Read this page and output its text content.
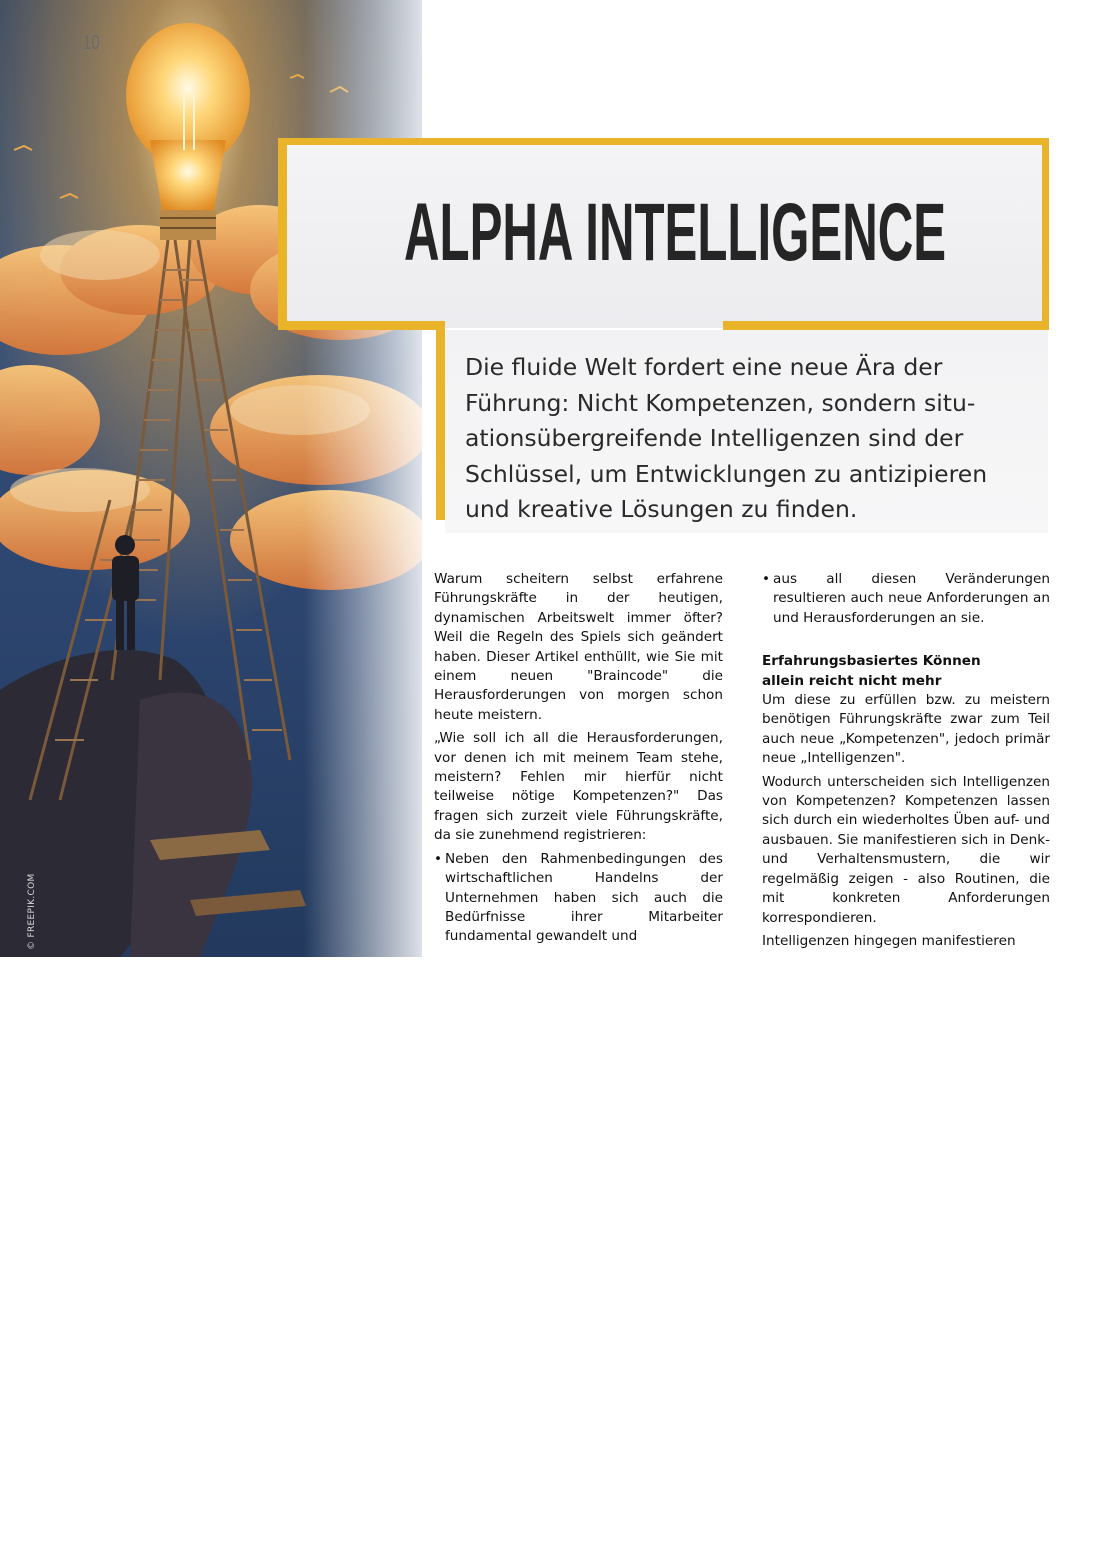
10
© FREEPIK.COM
ALPHA INTELLIGENCE

Die fluide Welt fordert eine neue Ära der
Führung: Nicht Kompetenzen, sondern situ-
ationsübergreifende Intelligenzen sind der
Schlüssel, um Entwicklungen zu antizipieren
und kreative Lösungen zu finden.

Warum scheitern selbst erfahrene Führungskräfte in der heutigen, dynamischen Arbeitswelt immer öfter? Weil die Regeln des Spiels sich geändert haben. Dieser Artikel enthüllt, wie Sie mit einem neuen "Braincode" die Herausforderungen von morgen schon heute meistern.

„Wie soll ich all die Herausforderungen, vor denen ich mit meinem Team stehe, meistern? Fehlen mir hierfür nicht teilweise nötige Kompetenzen?" Das fragen sich zurzeit viele Führungskräfte, da sie zunehmend registrieren:

• Neben den Rahmenbedingungen des wirtschaftlichen Handelns der Unternehmen haben sich auch die Bedürfnisse ihrer Mitarbeiter fundamental gewandelt und
• aus all diesen Veränderungen resultieren auch neue Anforderungen an und Herausforderungen an sie.
Erfahrungsbasiertes Können
allein reicht nicht mehr

Um diese zu erfüllen bzw. zu meistern benötigen Führungskräfte zwar zum Teil auch neue „Kompetenzen", jedoch primär neue „Intelligenzen".

Wodurch unterscheiden sich Intelligenzen von Kompetenzen? Kompetenzen lassen sich durch ein wiederholtes Üben auf- und ausbauen. Sie manifestieren sich in Denk- und Verhaltensmustern, die wir regelmäßig zeigen - also Routinen, die mit konkreten Anforderungen korrespondieren.

Intelligenzen hingegen manifestieren
